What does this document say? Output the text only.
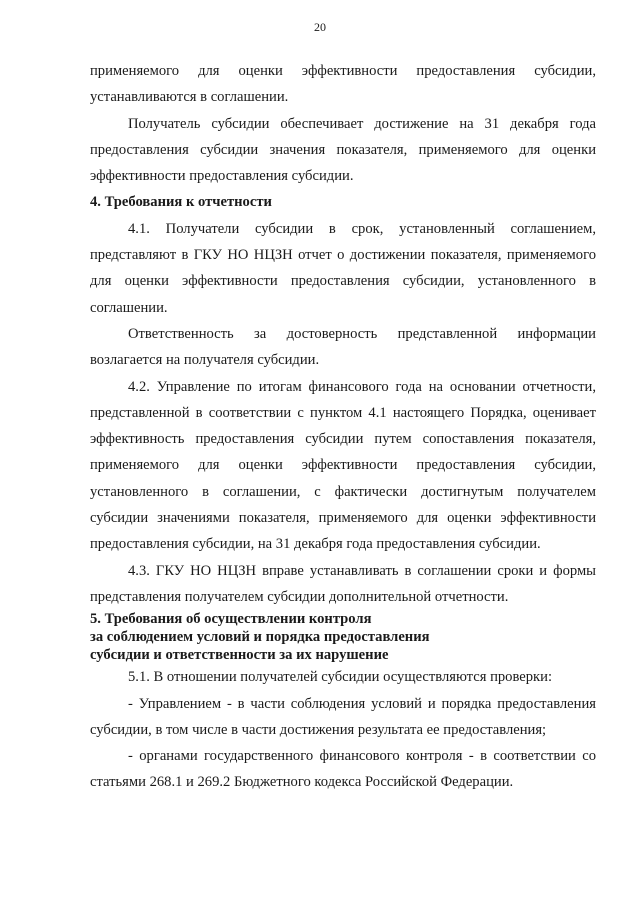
20

применяемого для оценки эффективности предоставления субсидии, устанавливаются в соглашении.

Получатель субсидии обеспечивает достижение на 31 декабря года предоставления субсидии значения показателя, применяемого для оценки эффективности предоставления субсидии.

4. Требования к отчетности

4.1. Получатели субсидии в срок, установленный соглашением, представляют в ГКУ НО НЦЗН отчет о достижении показателя, применяемого для оценки эффективности предоставления субсидии, установленного в соглашении.

Ответственность за достоверность представленной информации возлагается на получателя субсидии.

4.2. Управление по итогам финансового года на основании отчетности, представленной в соответствии с пунктом 4.1 настоящего Порядка, оценивает эффективность предоставления субсидии путем сопоставления показателя, применяемого для оценки эффективности предоставления субсидии, установленного в соглашении, с фактически достигнутым получателем субсидии значениями показателя, применяемого для оценки эффективности предоставления субсидии, на 31 декабря года предоставления субсидии.

4.3. ГКУ НО НЦЗН вправе устанавливать в соглашении сроки и формы представления получателем субсидии дополнительной отчетности.

5. Требования об осуществлении контроля
за соблюдением условий и порядка предоставления
субсидии и ответственности за их нарушение

5.1. В отношении получателей субсидии осуществляются проверки:

- Управлением - в части соблюдения условий и порядка предоставления субсидии, в том числе в части достижения результата ее предоставления;

- органами государственного финансового контроля - в соответствии со статьями 268.1 и 269.2 Бюджетного кодекса Российской Федерации.
